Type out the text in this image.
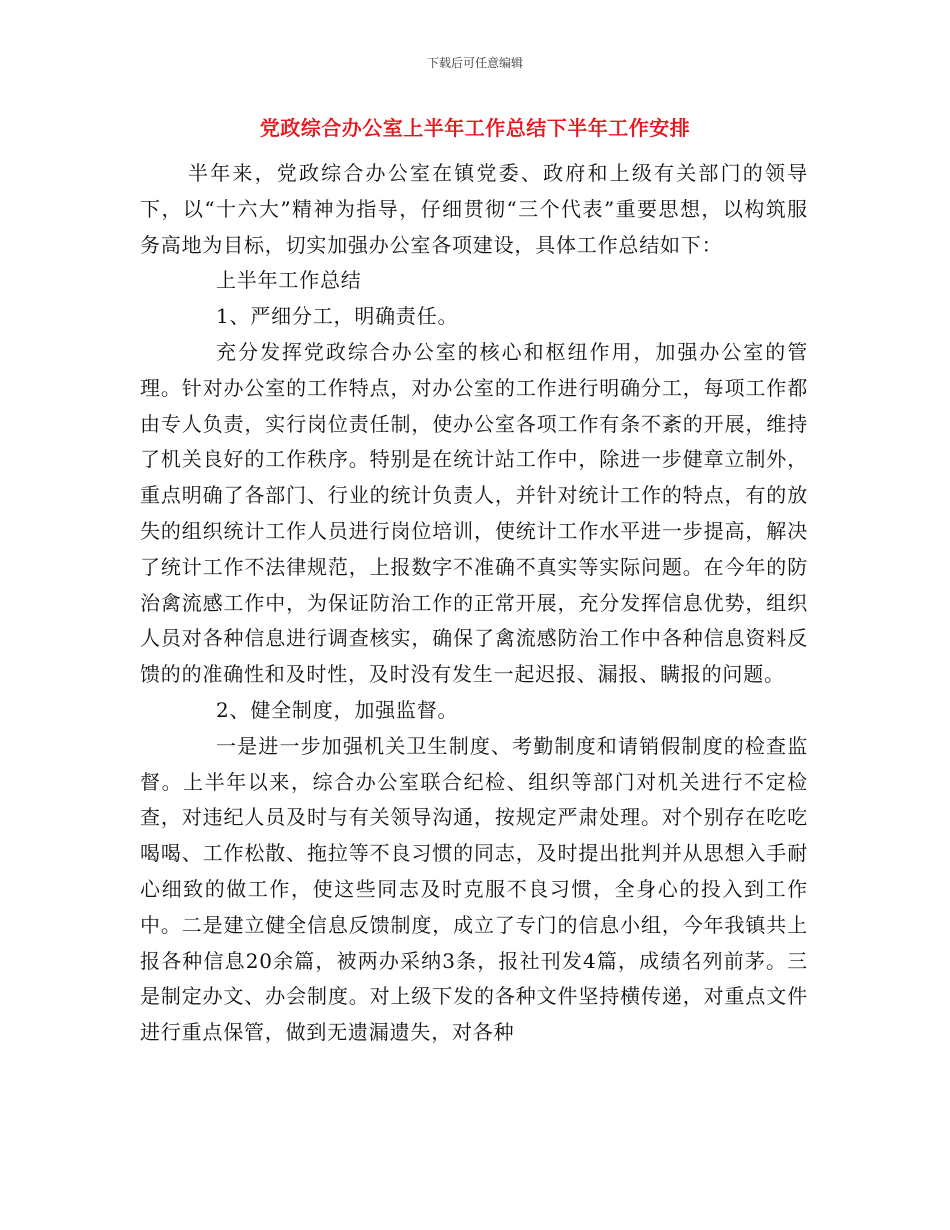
下载后可任意编辑
党政综合办公室上半年工作总结下半年工作安排

半年来，党政综合办公室在镇党委、政府和上级有关部门的领导下，以“十六大”精神为指导，仔细贯彻“三个代表”重要思想，以构筑服务高地为目标，切实加强办公室各项建设，具体工作总结如下：

上半年工作总结

1、严细分工，明确责任。

充分发挥党政综合办公室的核心和枢纽作用，加强办公室的管理。针对办公室的工作特点，对办公室的工作进行明确分工，每项工作都由专人负责，实行岗位责任制，使办公室各项工作有条不紊的开展，维持了机关良好的工作秩序。特别是在统计站工作中，除进一步健章立制外，重点明确了各部门、行业的统计负责人，并针对统计工作的特点，有的放失的组织统计工作人员进行岗位培训，使统计工作水平进一步提高，解决了统计工作不法律规范，上报数字不准确不真实等实际问题。在今年的防治禽流感工作中，为保证防治工作的正常开展，充分发挥信息优势，组织人员对各种信息进行调查核实，确保了禽流感防治工作中各种信息资料反馈的的准确性和及时性，及时没有发生一起迟报、漏报、瞒报的问题。

2、健全制度，加强监督。

一是进一步加强机关卫生制度、考勤制度和请销假制度的检查监督。上半年以来，综合办公室联合纪检、组织等部门对机关进行不定检查，对违纪人员及时与有关领导沟通，按规定严肃处理。对个别存在吃吃喝喝、工作松散、拖拉等不良习惯的同志，及时提出批判并从思想入手耐心细致的做工作，使这些同志及时克服不良习惯，全身心的投入到工作中。二是建立健全信息反馈制度，成立了专门的信息小组，今年我镇共上报各种信息20余篇，被两办采纳3条，报社刊发4篇，成绩名列前茅。三是制定办文、办会制度。对上级下发的各种文件坚持横传递，对重点文件进行重点保管，做到无遗漏遗失，对各种
